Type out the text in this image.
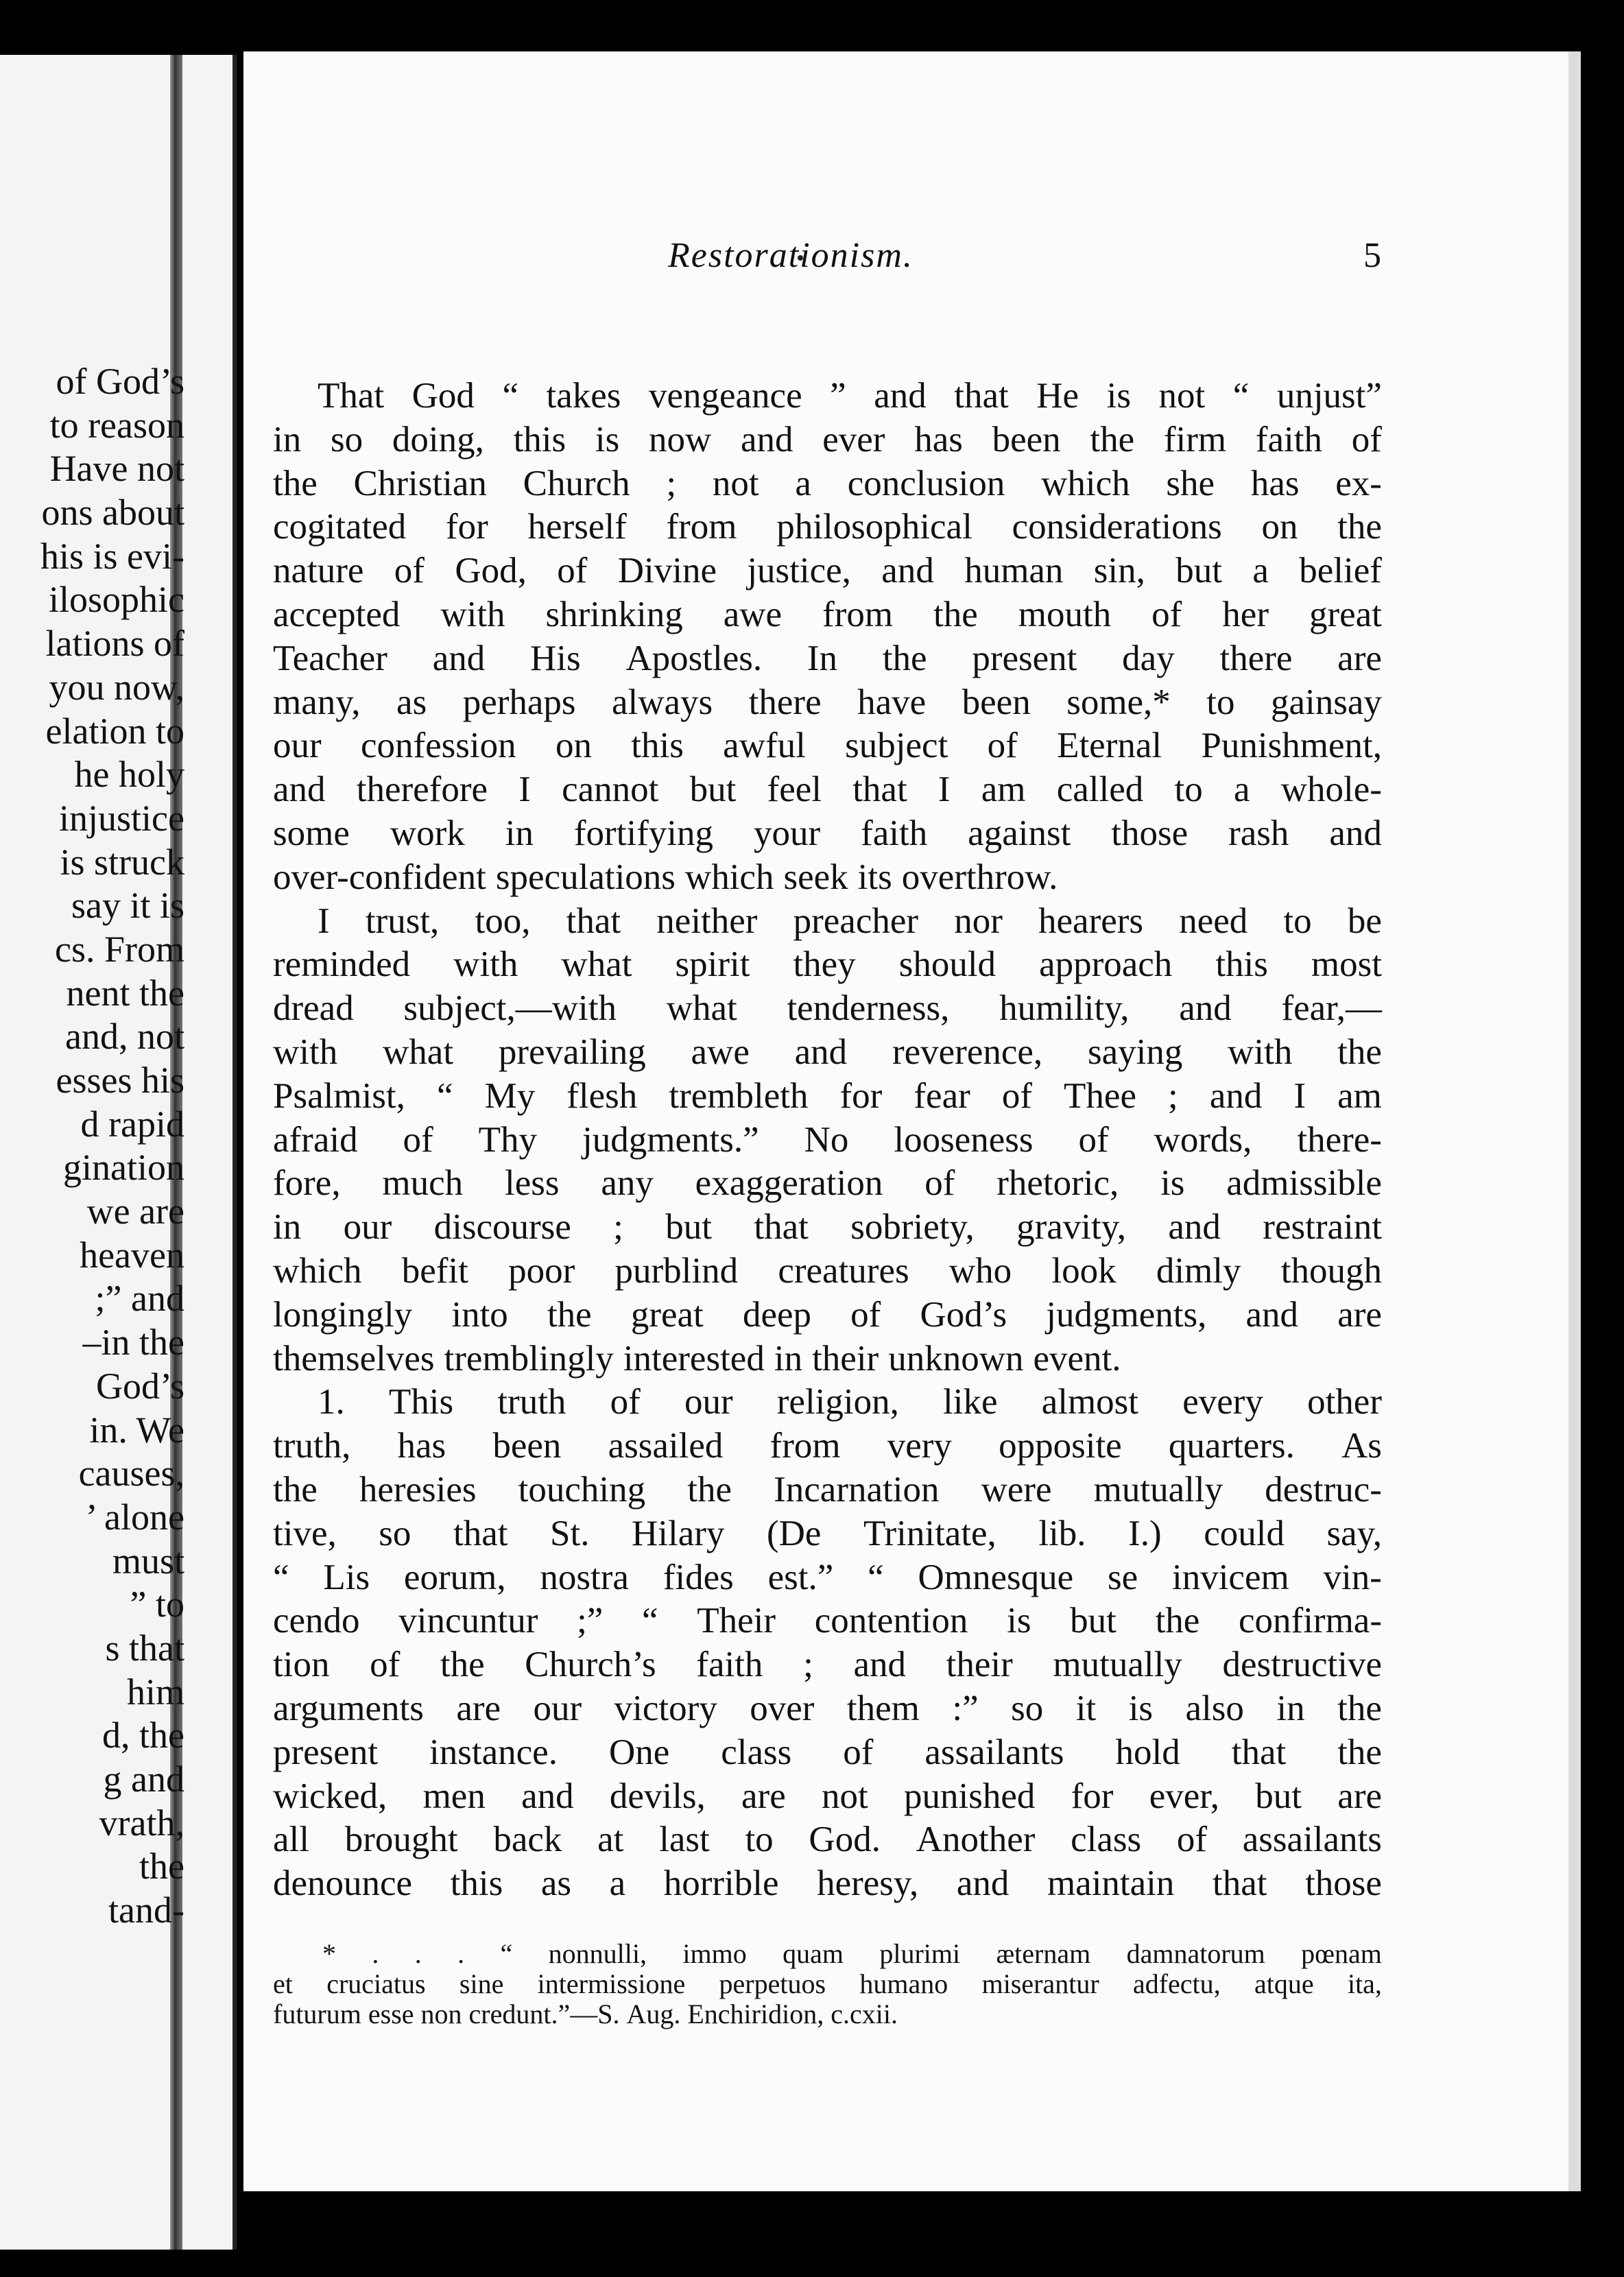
of God’s
to reason
Have not
ons about
his is evi-
ilosophic
lations of
you now,
elation to
he holy
injustice
is struck
say it is
cs. From
nent the
and, not
esses his
d rapid
gination
we are
heaven
;” and
–in the
God’s
in. We
causes,
’ alone
must
” to
s that
him
d, the
g and
vrath,
the
tand-
Restorationism.	5
That God “ takes vengeance ” and that He is not “ unjust”
in so doing, this is now and ever has been the firm faith of
the Christian Church ; not a conclusion which she has ex-
cogitated for herself from philosophical considerations on the
nature of God, of Divine justice, and human sin, but a belief
accepted with shrinking awe from the mouth of her great
Teacher and His Apostles. In the present day there are
many, as perhaps always there have been some,* to gainsay
our confession on this awful subject of Eternal Punishment,
and therefore I cannot but feel that I am called to a whole-
some work in fortifying your faith against those rash and
over-confident speculations which seek its overthrow.
I trust, too, that neither preacher nor hearers need to be
reminded with what spirit they should approach this most
dread subject,—with what tenderness, humility, and fear,—
with what prevailing awe and reverence, saying with the
Psalmist, “ My flesh trembleth for fear of Thee ; and I am
afraid of Thy judgments.” No looseness of words, there-
fore, much less any exaggeration of rhetoric, is admissible
in our discourse ; but that sobriety, gravity, and restraint
which befit poor purblind creatures who look dimly though
longingly into the great deep of God’s judgments, and are
themselves tremblingly interested in their unknown event.
1. This truth of our religion, like almost every other
truth, has been assailed from very opposite quarters. As
the heresies touching the Incarnation were mutually destruc-
tive, so that St. Hilary (De Trinitate, lib. I.) could say,
“ Lis eorum, nostra fides est.” “ Omnesque se invicem vin-
cendo vincuntur ;” “ Their contention is but the confirma-
tion of the Church’s faith ; and their mutually destructive
arguments are our victory over them :” so it is also in the
present instance. One class of assailants hold that the
wicked, men and devils, are not punished for ever, but are
all brought back at last to God. Another class of assailants
denounce this as a horrible heresy, and maintain that those
* . . . “ nonnulli, immo quam plurimi æternam damnatorum pœnam
et cruciatus sine intermissione perpetuos humano miserantur adfectu, atque ita,
futurum esse non credunt.”—S. Aug. Enchiridion, c.cxii.
